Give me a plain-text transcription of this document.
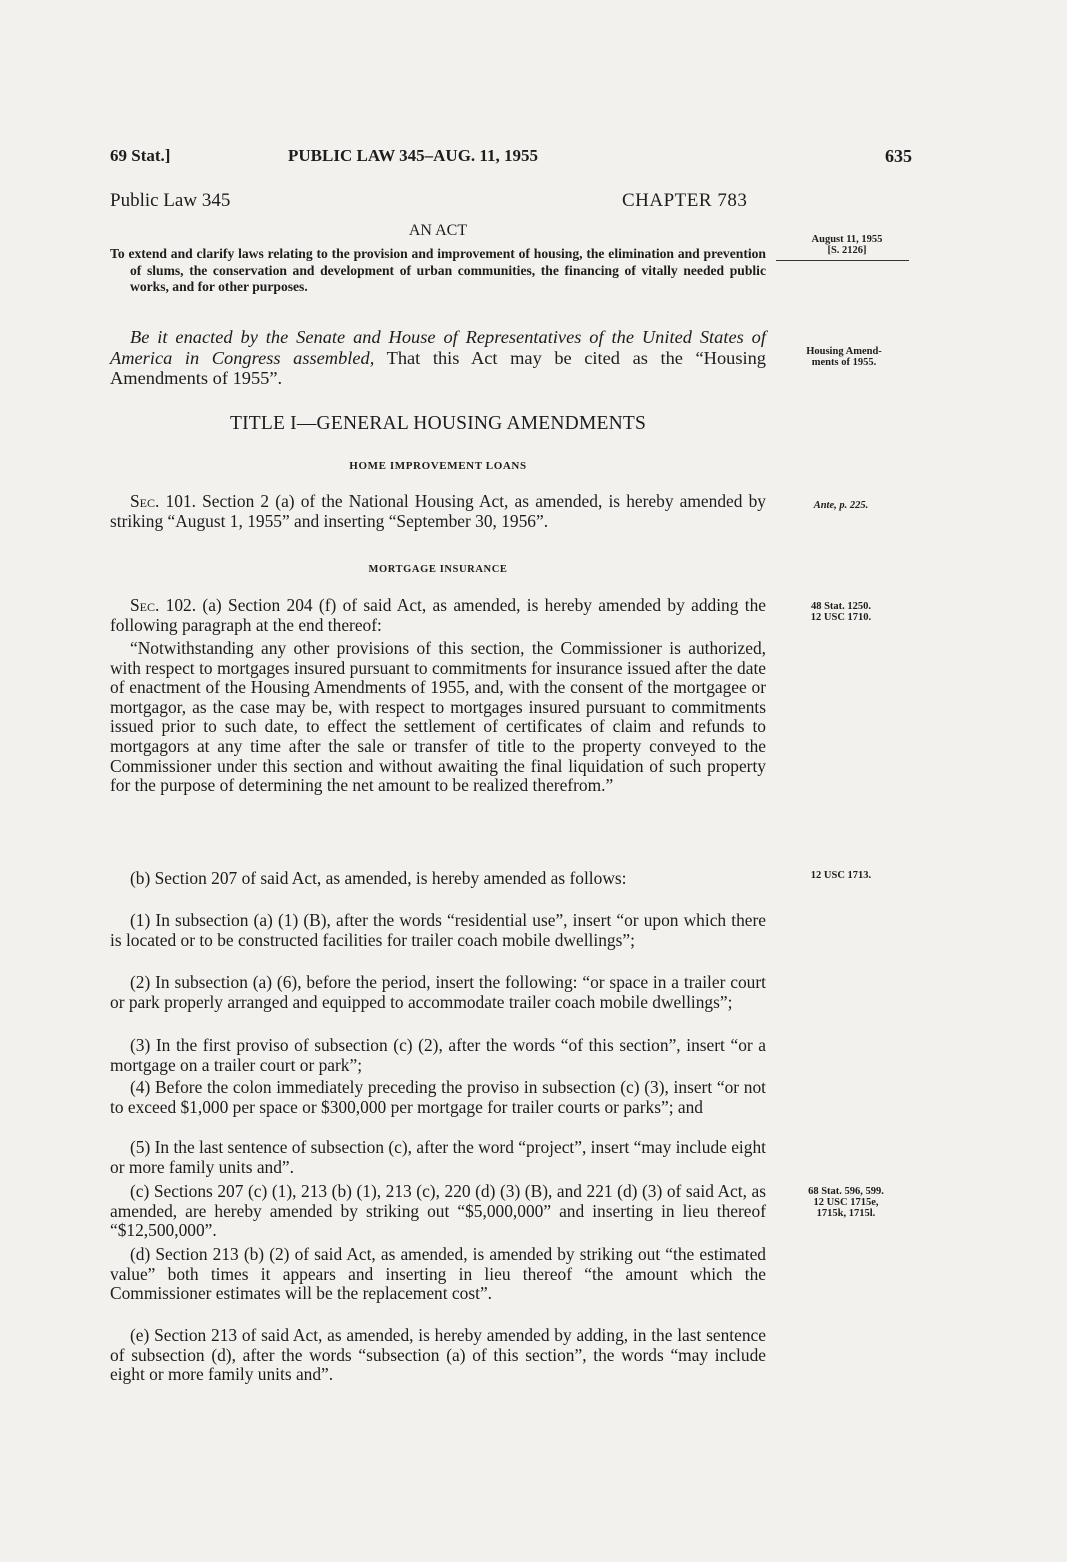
69 Stat.]	PUBLIC LAW 345–AUG. 11, 1955	635
Public Law 345	CHAPTER 783
AN ACT
To extend and clarify laws relating to the provision and improvement of housing, the elimination and prevention of slums, the conservation and development of urban communities, the financing of vitally needed public works, and for other purposes.

Be it enacted by the Senate and House of Representatives of the United States of America in Congress assembled, That this Act may be cited as the “Housing Amendments of 1955”.

TITLE I—GENERAL HOUSING AMENDMENTS
HOME IMPROVEMENT LOANS

Sec. 101. Section 2 (a) of the National Housing Act, as amended, is hereby amended by striking “August 1, 1955” and inserting “September 30, 1956”.

MORTGAGE INSURANCE

Sec. 102. (a) Section 204 (f) of said Act, as amended, is hereby amended by adding the following paragraph at the end thereof:

“Notwithstanding any other provisions of this section, the Commissioner is authorized, with respect to mortgages insured pursuant to commitments for insurance issued after the date of enactment of the Housing Amendments of 1955, and, with the consent of the mortgagee or mortgagor, as the case may be, with respect to mortgages insured pursuant to commitments issued prior to such date, to effect the settlement of certificates of claim and refunds to mortgagors at any time after the sale or transfer of title to the property conveyed to the Commissioner under this section and without awaiting the final liquidation of such property for the purpose of determining the net amount to be realized therefrom.”

(b) Section 207 of said Act, as amended, is hereby amended as follows:

(1) In subsection (a) (1) (B), after the words “residential use”, insert “or upon which there is located or to be constructed facilities for trailer coach mobile dwellings”;

(2) In subsection (a) (6), before the period, insert the following: “or space in a trailer court or park properly arranged and equipped to accommodate trailer coach mobile dwellings”;

(3) In the first proviso of subsection (c) (2), after the words “of this section”, insert “or a mortgage on a trailer court or park”;

(4) Before the colon immediately preceding the proviso in subsection (c) (3), insert “or not to exceed $1,000 per space or $300,000 per mortgage for trailer courts or parks”; and

(5) In the last sentence of subsection (c), after the word “project”, insert “may include eight or more family units and”.

(c) Sections 207 (c) (1), 213 (b) (1), 213 (c), 220 (d) (3) (B), and 221 (d) (3) of said Act, as amended, are hereby amended by striking out “$5,000,000” and inserting in lieu thereof “$12,500,000”.

(d) Section 213 (b) (2) of said Act, as amended, is amended by striking out “the estimated value” both times it appears and inserting in lieu thereof “the amount which the Commissioner estimates will be the replacement cost”.

(e) Section 213 of said Act, as amended, is hereby amended by adding, in the last sentence of subsection (d), after the words “subsection (a) of this section”, the words “may include eight or more family units and”.

August 11, 1955
[S. 2126]
Housing Amend-
ments of 1955.
Ante, p. 225.
48 Stat. 1250.
12 USC 1710.
12 USC 1713.
68 Stat. 596, 599.
12 USC 1715e,
1715k, 1715l.
